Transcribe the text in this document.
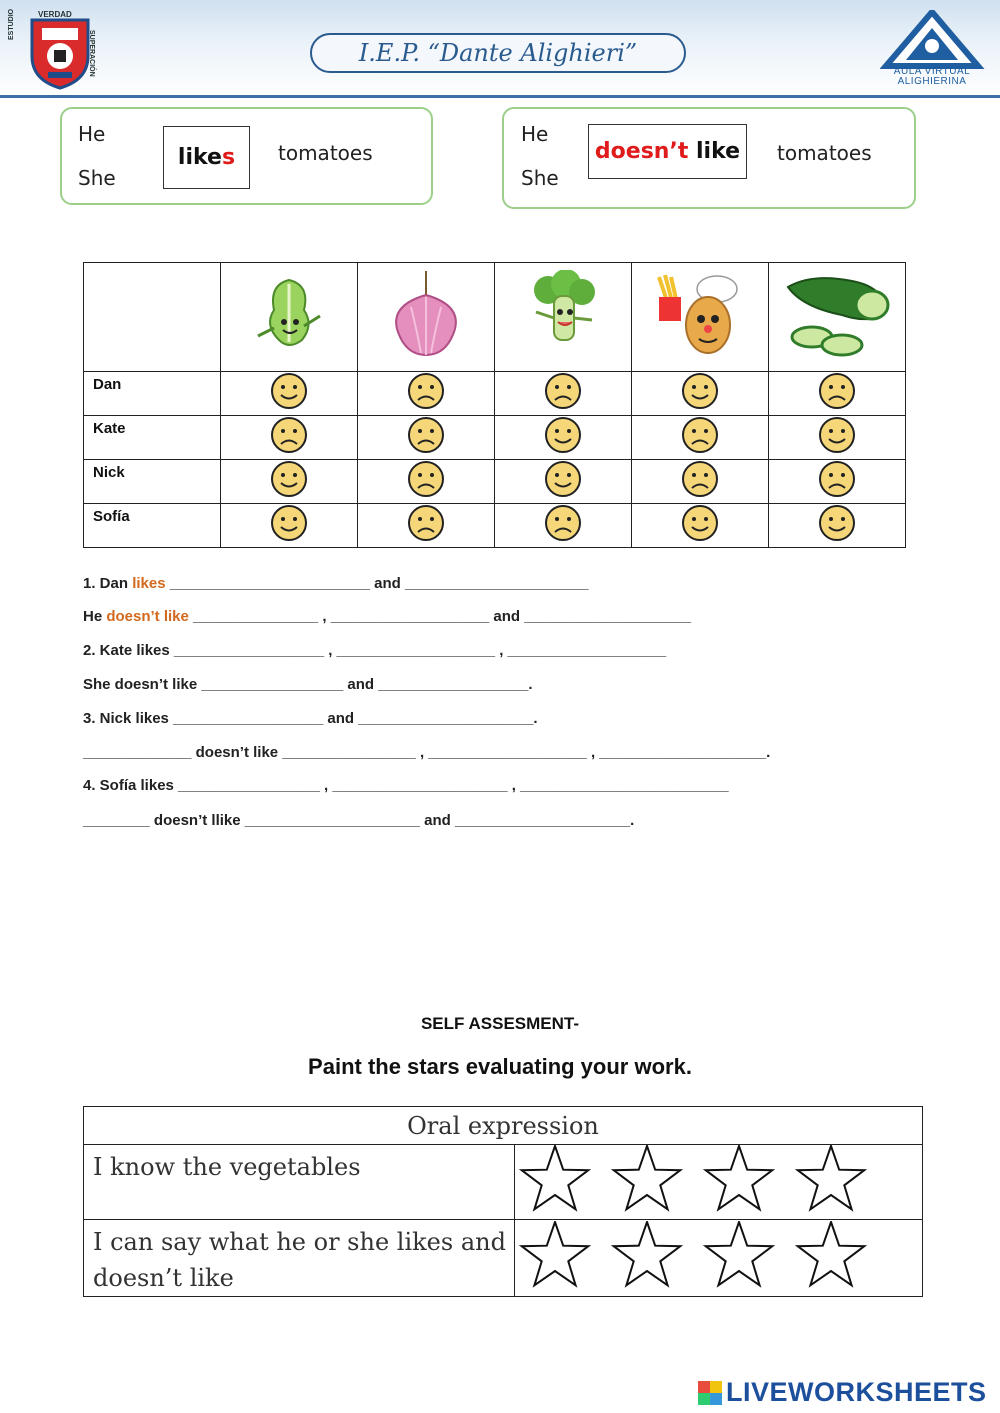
VERDAD
ESTUDIO
SUPERACIÓN	I.E.P. “Dante Alighieri”
AULA VIRTUAL
ALIGHIERINA
He
She
like s tomatoes
He
She
doesn’t
like tomatoes

Dan

Kate

Nick

Sofía

1. Dan likes ________________________ and ______________________
He doesn’t like _______________ , ___________________ and ____________________
2. Kate likes __________________ , ___________________ , ___________________
She doesn’t like _________________ and __________________.
3. Nick likes __________________ and _____________________.
_____________ doesn’t like ________________ , ___________________ , ____________________.
4. Sofía likes _________________ , _____________________ , _________________________
________ doesn’t llike _____________________ and _____________________.
SELF ASSESMENT-
Paint the stars evaluating your work.
Oral expression	
I know the vegetables	
I can say what he or she likes and doesn’t like	
LIVEWORKSHEETS
